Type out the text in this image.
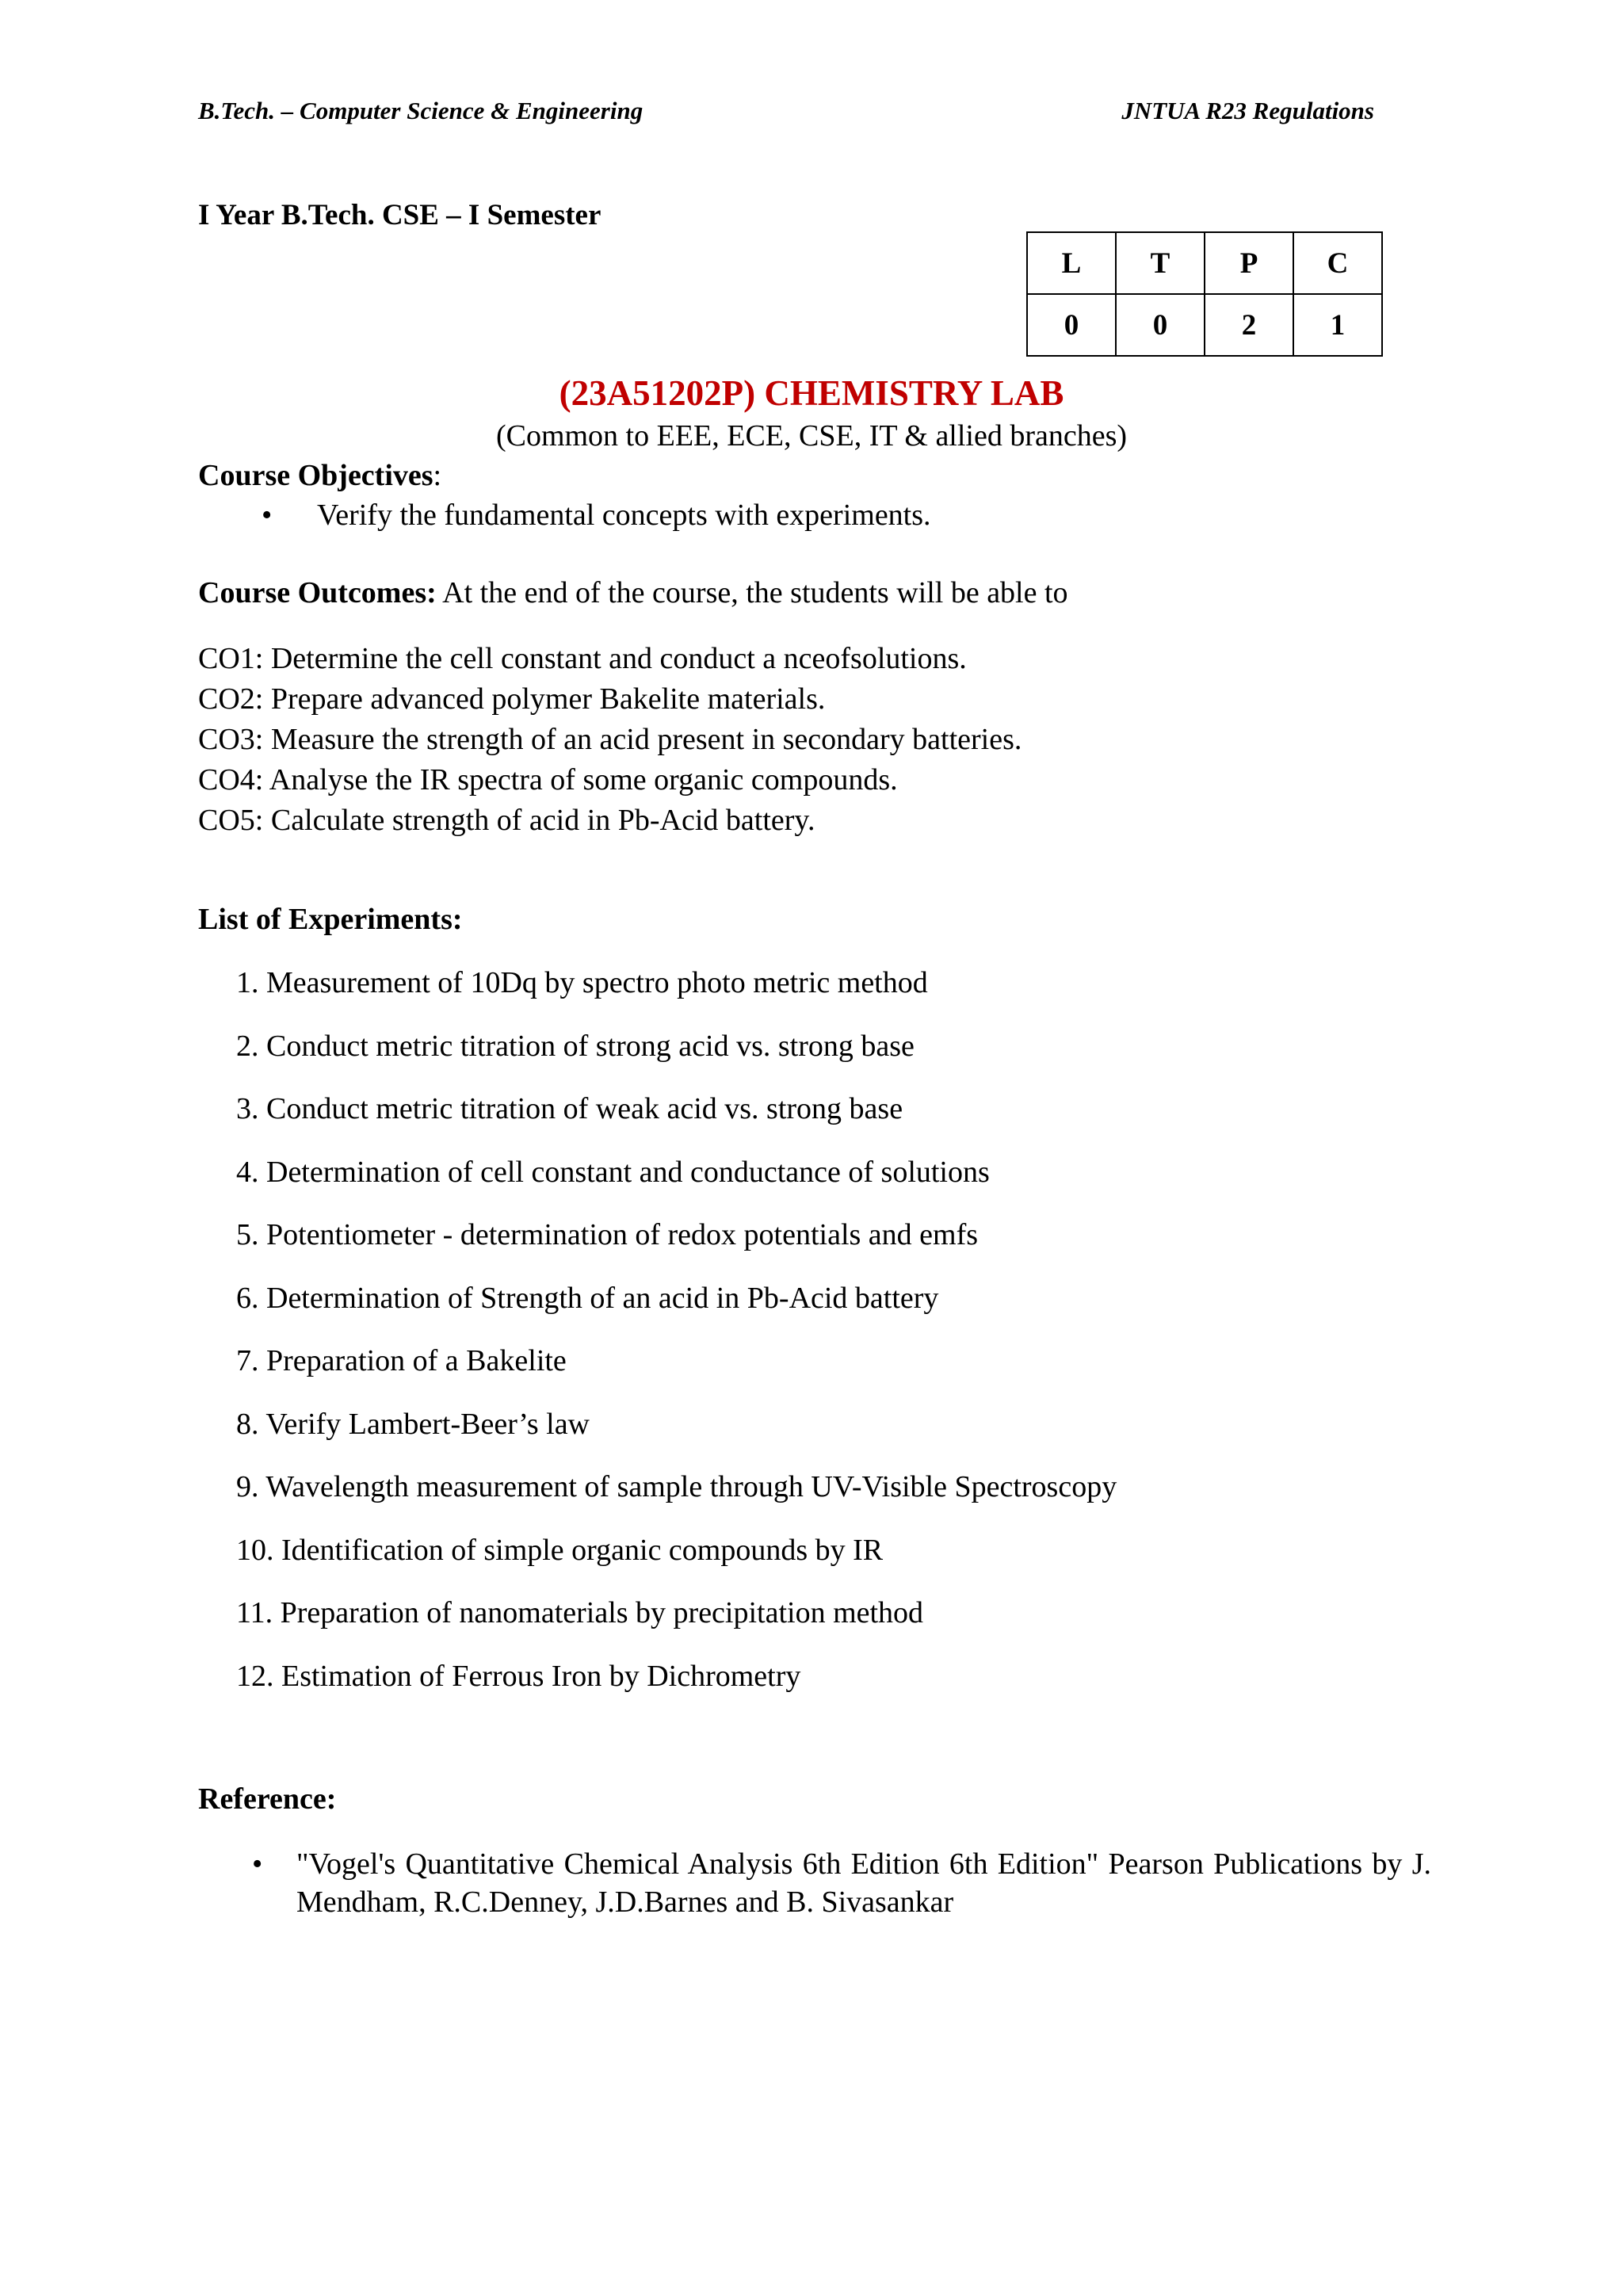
B.Tech. – Computer Science & Engineering	JNTUA R23 Regulations
I Year B.Tech. CSE – I Semester
L	T	P	C
0	0	2	1
(23A51202P) CHEMISTRY LAB
(Common to EEE, ECE, CSE, IT & allied branches)
Course Objectives:
• Verify the fundamental concepts with experiments.
Course Outcomes: At the end of the course, the students will be able to
CO1: Determine the cell constant and conduct a nceofsolutions.
CO2: Prepare advanced polymer Bakelite materials.
CO3: Measure the strength of an acid present in secondary batteries.
CO4: Analyse the IR spectra of some organic compounds.
CO5: Calculate strength of acid in Pb-Acid battery.
List of Experiments:
1. Measurement of 10Dq by spectro photo metric method
2. Conduct metric titration of strong acid vs. strong base
3. Conduct metric titration of weak acid vs. strong base
4. Determination of cell constant and conductance of solutions
5. Potentiometer - determination of redox potentials and emfs
6. Determination of Strength of an acid in Pb-Acid battery
7. Preparation of a Bakelite
8. Verify Lambert-Beer’s law
9. Wavelength measurement of sample through UV-Visible Spectroscopy
10. Identification of simple organic compounds by IR
11. Preparation of nanomaterials by precipitation method
12. Estimation of Ferrous Iron by Dichrometry
Reference:
• "Vogel's Quantitative Chemical Analysis 6th Edition 6th Edition" Pearson Publications by J. Mendham, R.C.Denney, J.D.Barnes and B. Sivasankar
